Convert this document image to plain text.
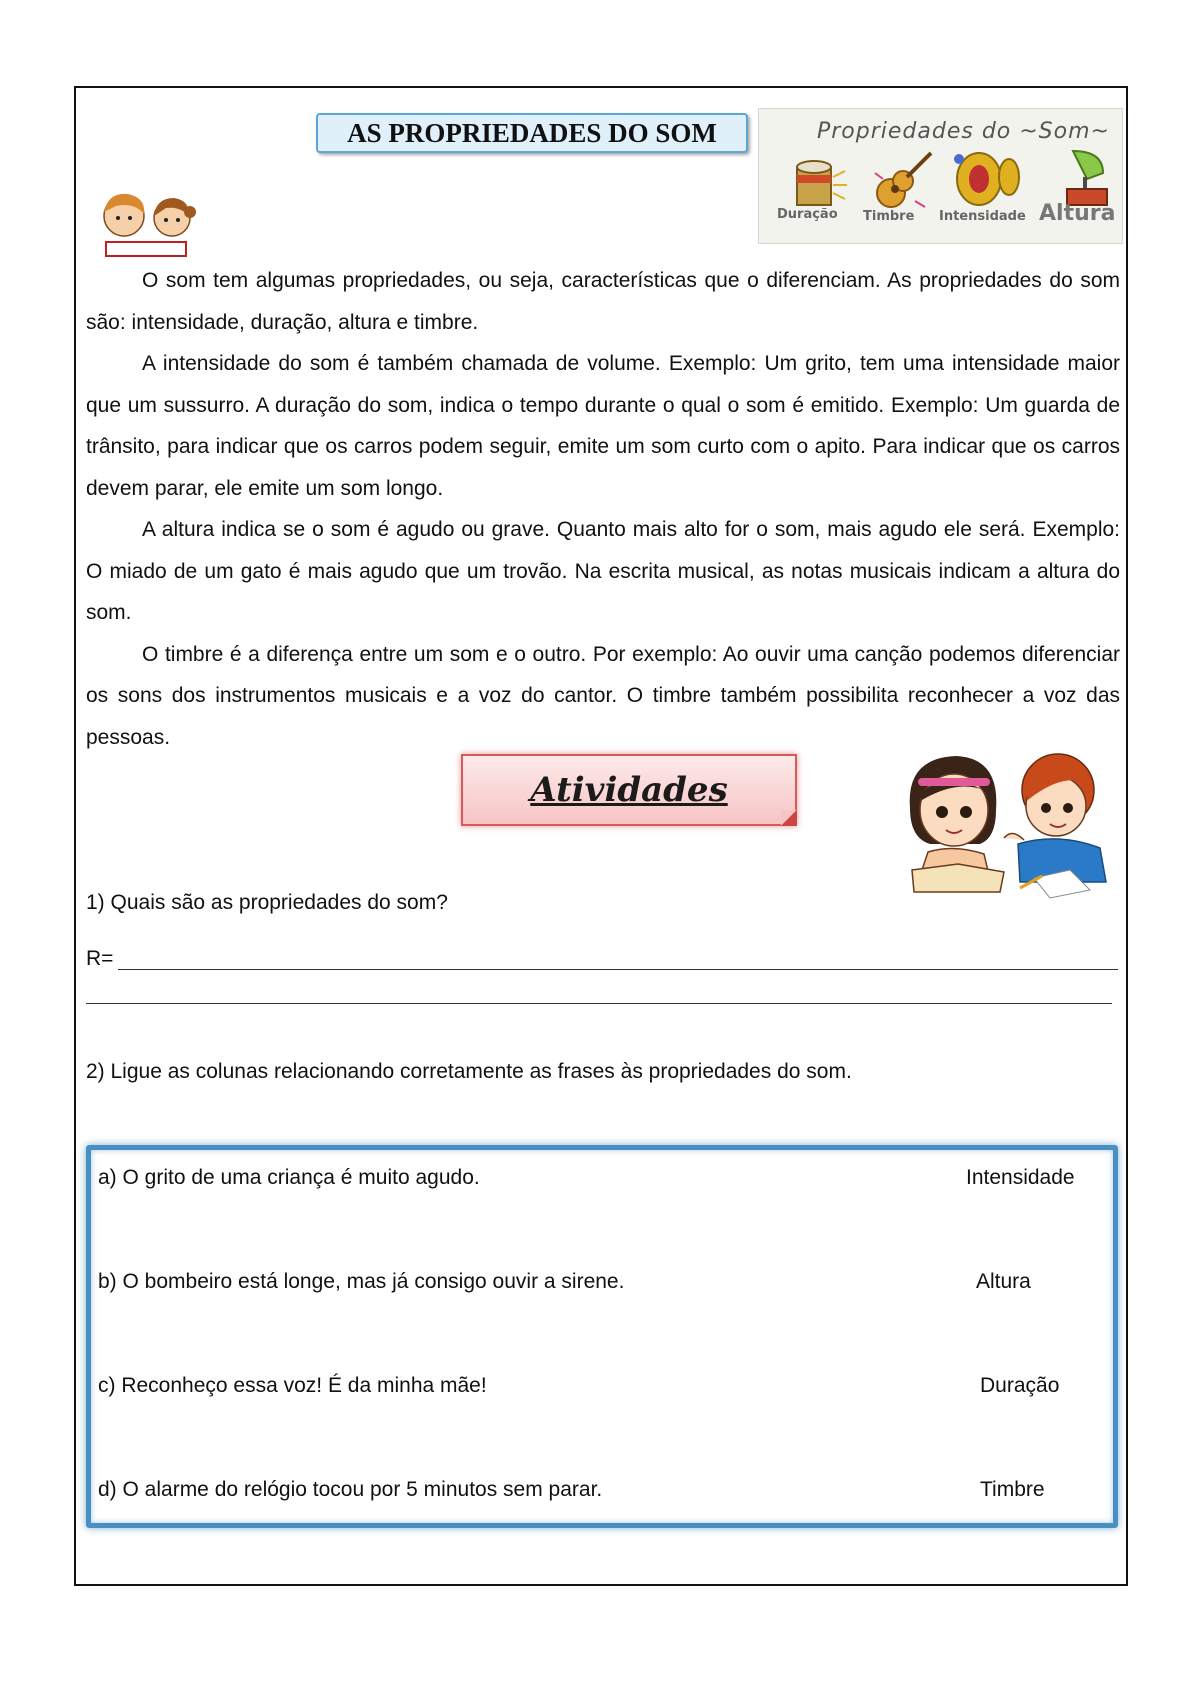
AS PROPRIEDADES DO SOM	Propriedades do ~Som~
Duração Timbre Intensidade Altura

O som tem algumas propriedades, ou seja, características que o diferenciam. As propriedades do som são: intensidade, duração, altura e timbre.

A intensidade do som é também chamada de volume. Exemplo: Um grito, tem uma intensidade maior que um sussurro. A duração do som, indica o tempo durante o qual o som é emitido. Exemplo: Um guarda de trânsito, para indicar que os carros podem seguir, emite um som curto com o apito. Para indicar que os carros devem parar, ele emite um som longo.

A altura indica se o som é agudo ou grave. Quanto mais alto for o som, mais agudo ele será. Exemplo: O miado de um gato é mais agudo que um trovão. Na escrita musical, as notas musicais indicam a altura do som.

O timbre é a diferença entre um som e o outro. Por exemplo: Ao ouvir uma canção podemos diferenciar os sons dos instrumentos musicais e a voz do cantor. O timbre também possibilita reconhecer a voz das pessoas.

Atividades
1) Quais são as propriedades do som?
R=
2) Ligue as colunas relacionando corretamente as frases às propriedades do som.
a) O grito de uma criança é muito agudo.
b) O bombeiro está longe, mas já consigo ouvir a sirene.
c) Reconheço essa voz! É da minha mãe!
d) O alarme do relógio tocou por 5 minutos sem parar.
Intensidade
Altura
Duração
Timbre
